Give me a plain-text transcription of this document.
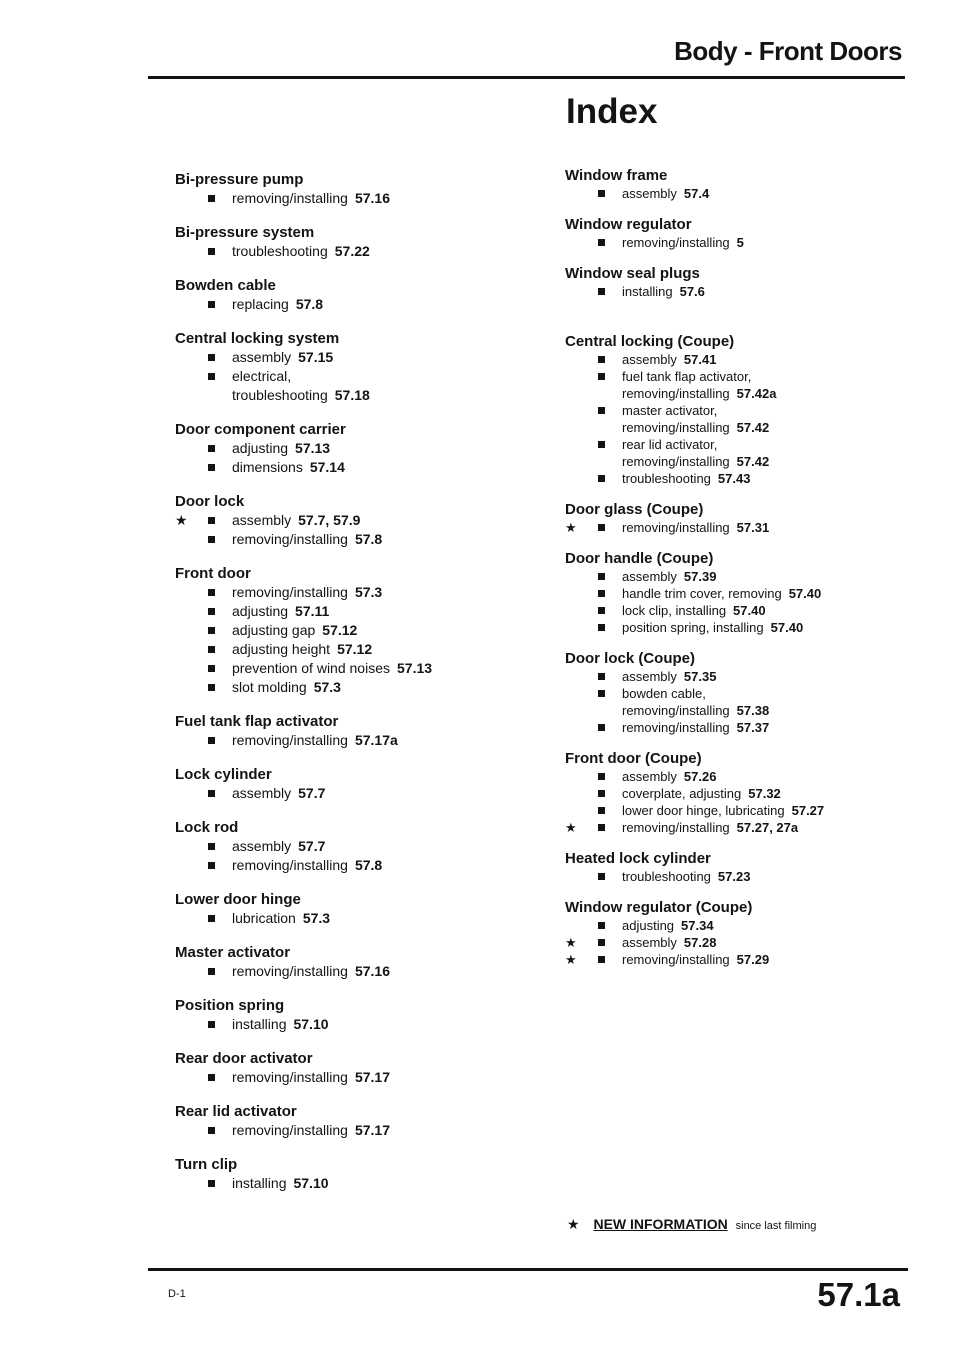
Body - Front Doors
Index
Bi-pressure pump
removing/installing 57.16
Bi-pressure system
troubleshooting 57.22
Bowden cable
replacing 57.8
Central locking system
assembly 57.15
electrical,
troubleshooting 57.18
Door component carrier
adjusting 57.13
dimensions 57.14
Door lock
★	assembly 57.7, 57.9
removing/installing 57.8
Front door
removing/installing 57.3
adjusting 57.11
adjusting gap 57.12
adjusting height 57.12
prevention of wind noises 57.13
slot molding 57.3
Fuel tank flap activator
removing/installing 57.17a
Lock cylinder
assembly 57.7
Lock rod
assembly 57.7
removing/installing 57.8
Lower door hinge
lubrication 57.3
Master activator
removing/installing 57.16
Position spring
installing 57.10
Rear door activator
removing/installing 57.17
Rear lid activator
removing/installing 57.17
Turn clip
installing 57.10
Window frame
assembly 57.4
Window regulator
removing/installing 5
Window seal plugs
installing 57.6
Central locking (Coupe)
assembly 57.41
fuel tank flap activator,
removing/installing 57.42a
master activator,
removing/installing 57.42
rear lid activator,
removing/installing 57.42
troubleshooting 57.43
Door glass (Coupe)
★	removing/installing 57.31
Door handle (Coupe)
assembly 57.39
handle trim cover, removing 57.40
lock clip, installing 57.40
position spring, installing 57.40
Door lock (Coupe)
assembly 57.35
bowden cable,
removing/installing 57.38
removing/installing 57.37
Front door (Coupe)
assembly 57.26
coverplate, adjusting 57.32
lower door hinge, lubricating 57.27
★	removing/installing 57.27, 27a
Heated lock cylinder
troubleshooting 57.23
Window regulator (Coupe)
adjusting 57.34
★	assembly 57.28
★	removing/installing 57.29
★ NEW INFORMATION since last filming
D-1	57.1a
